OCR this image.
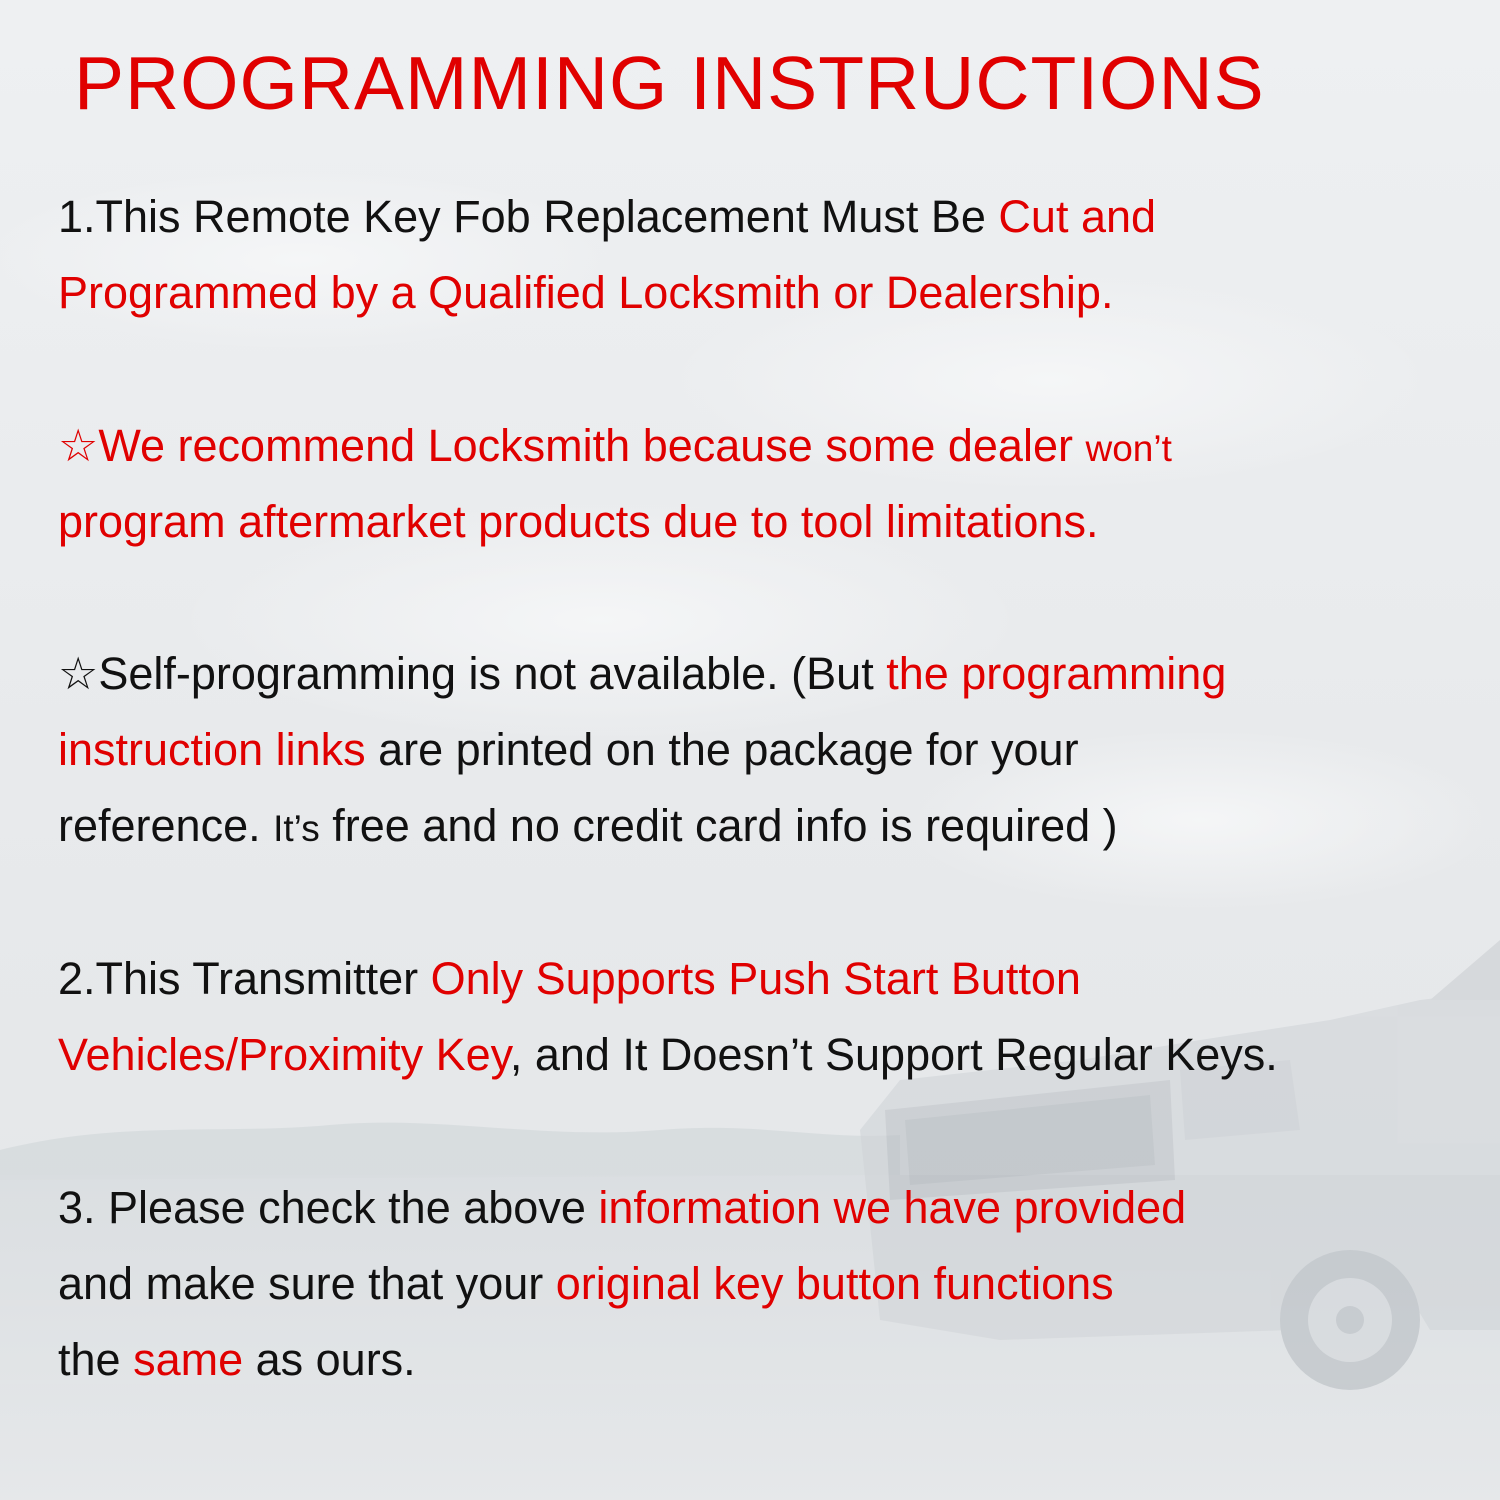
PROGRAMMING INSTRUCTIONS

1.This Remote Key Fob Replacement Must Be Cut and

Programmed by a Qualified Locksmith or Dealership.

☆We recommend Locksmith because some dealer won’t

program aftermarket products due to tool limitations.

☆Self-programming is not available. (But the programming

instruction links are printed on the package for your

reference. It’s free and no credit card info is required )

2.This Transmitter Only Supports Push Start Button

Vehicles/Proximity Key, and It Doesn’t Support Regular Keys.

3. Please check the above information we have provided

and make sure that your original key button functions

the same as ours.
